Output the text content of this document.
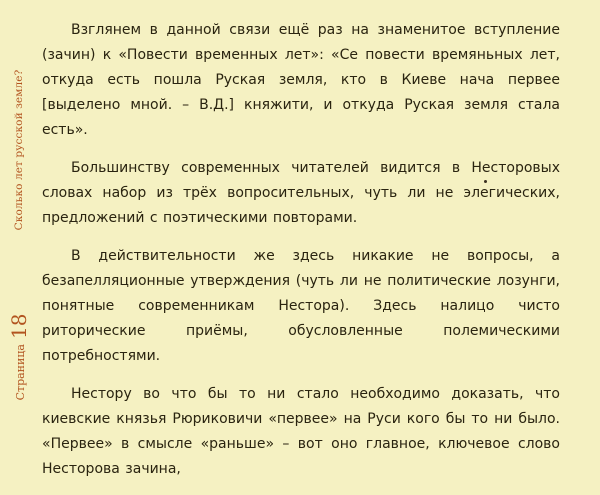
Сколько лет русской земле?
Страница18

Взглянем в данной связи ещё раз на знаменитое вступление (зачин) к «Повести временных лет»: «Се повести времяньных лет, откуда есть пошла Руская земля, кто в Киеве нача первее [выделено мной. – В.Д.] княжити, и откуда Руская земля стала есть».

Большинству современных читателей видится в Несторовых словах набор из трёх вопросительных, чуть ли не элегических, предложений с поэтическими повторами.

В действительности же здесь никакие не вопросы, а безапелляционные утверждения (чуть ли не политические лозунги, понятные современникам Нестора). Здесь налицо чисто риторические приёмы, обусловленные полемическими потребностями.

Нестору во что бы то ни стало необходимо доказать, что киевские князья Рюриковичи «первее» на Руси кого бы то ни было. «Первее» в смысле «раньше» – вот оно главное, ключевое слово Несторова зачина,
